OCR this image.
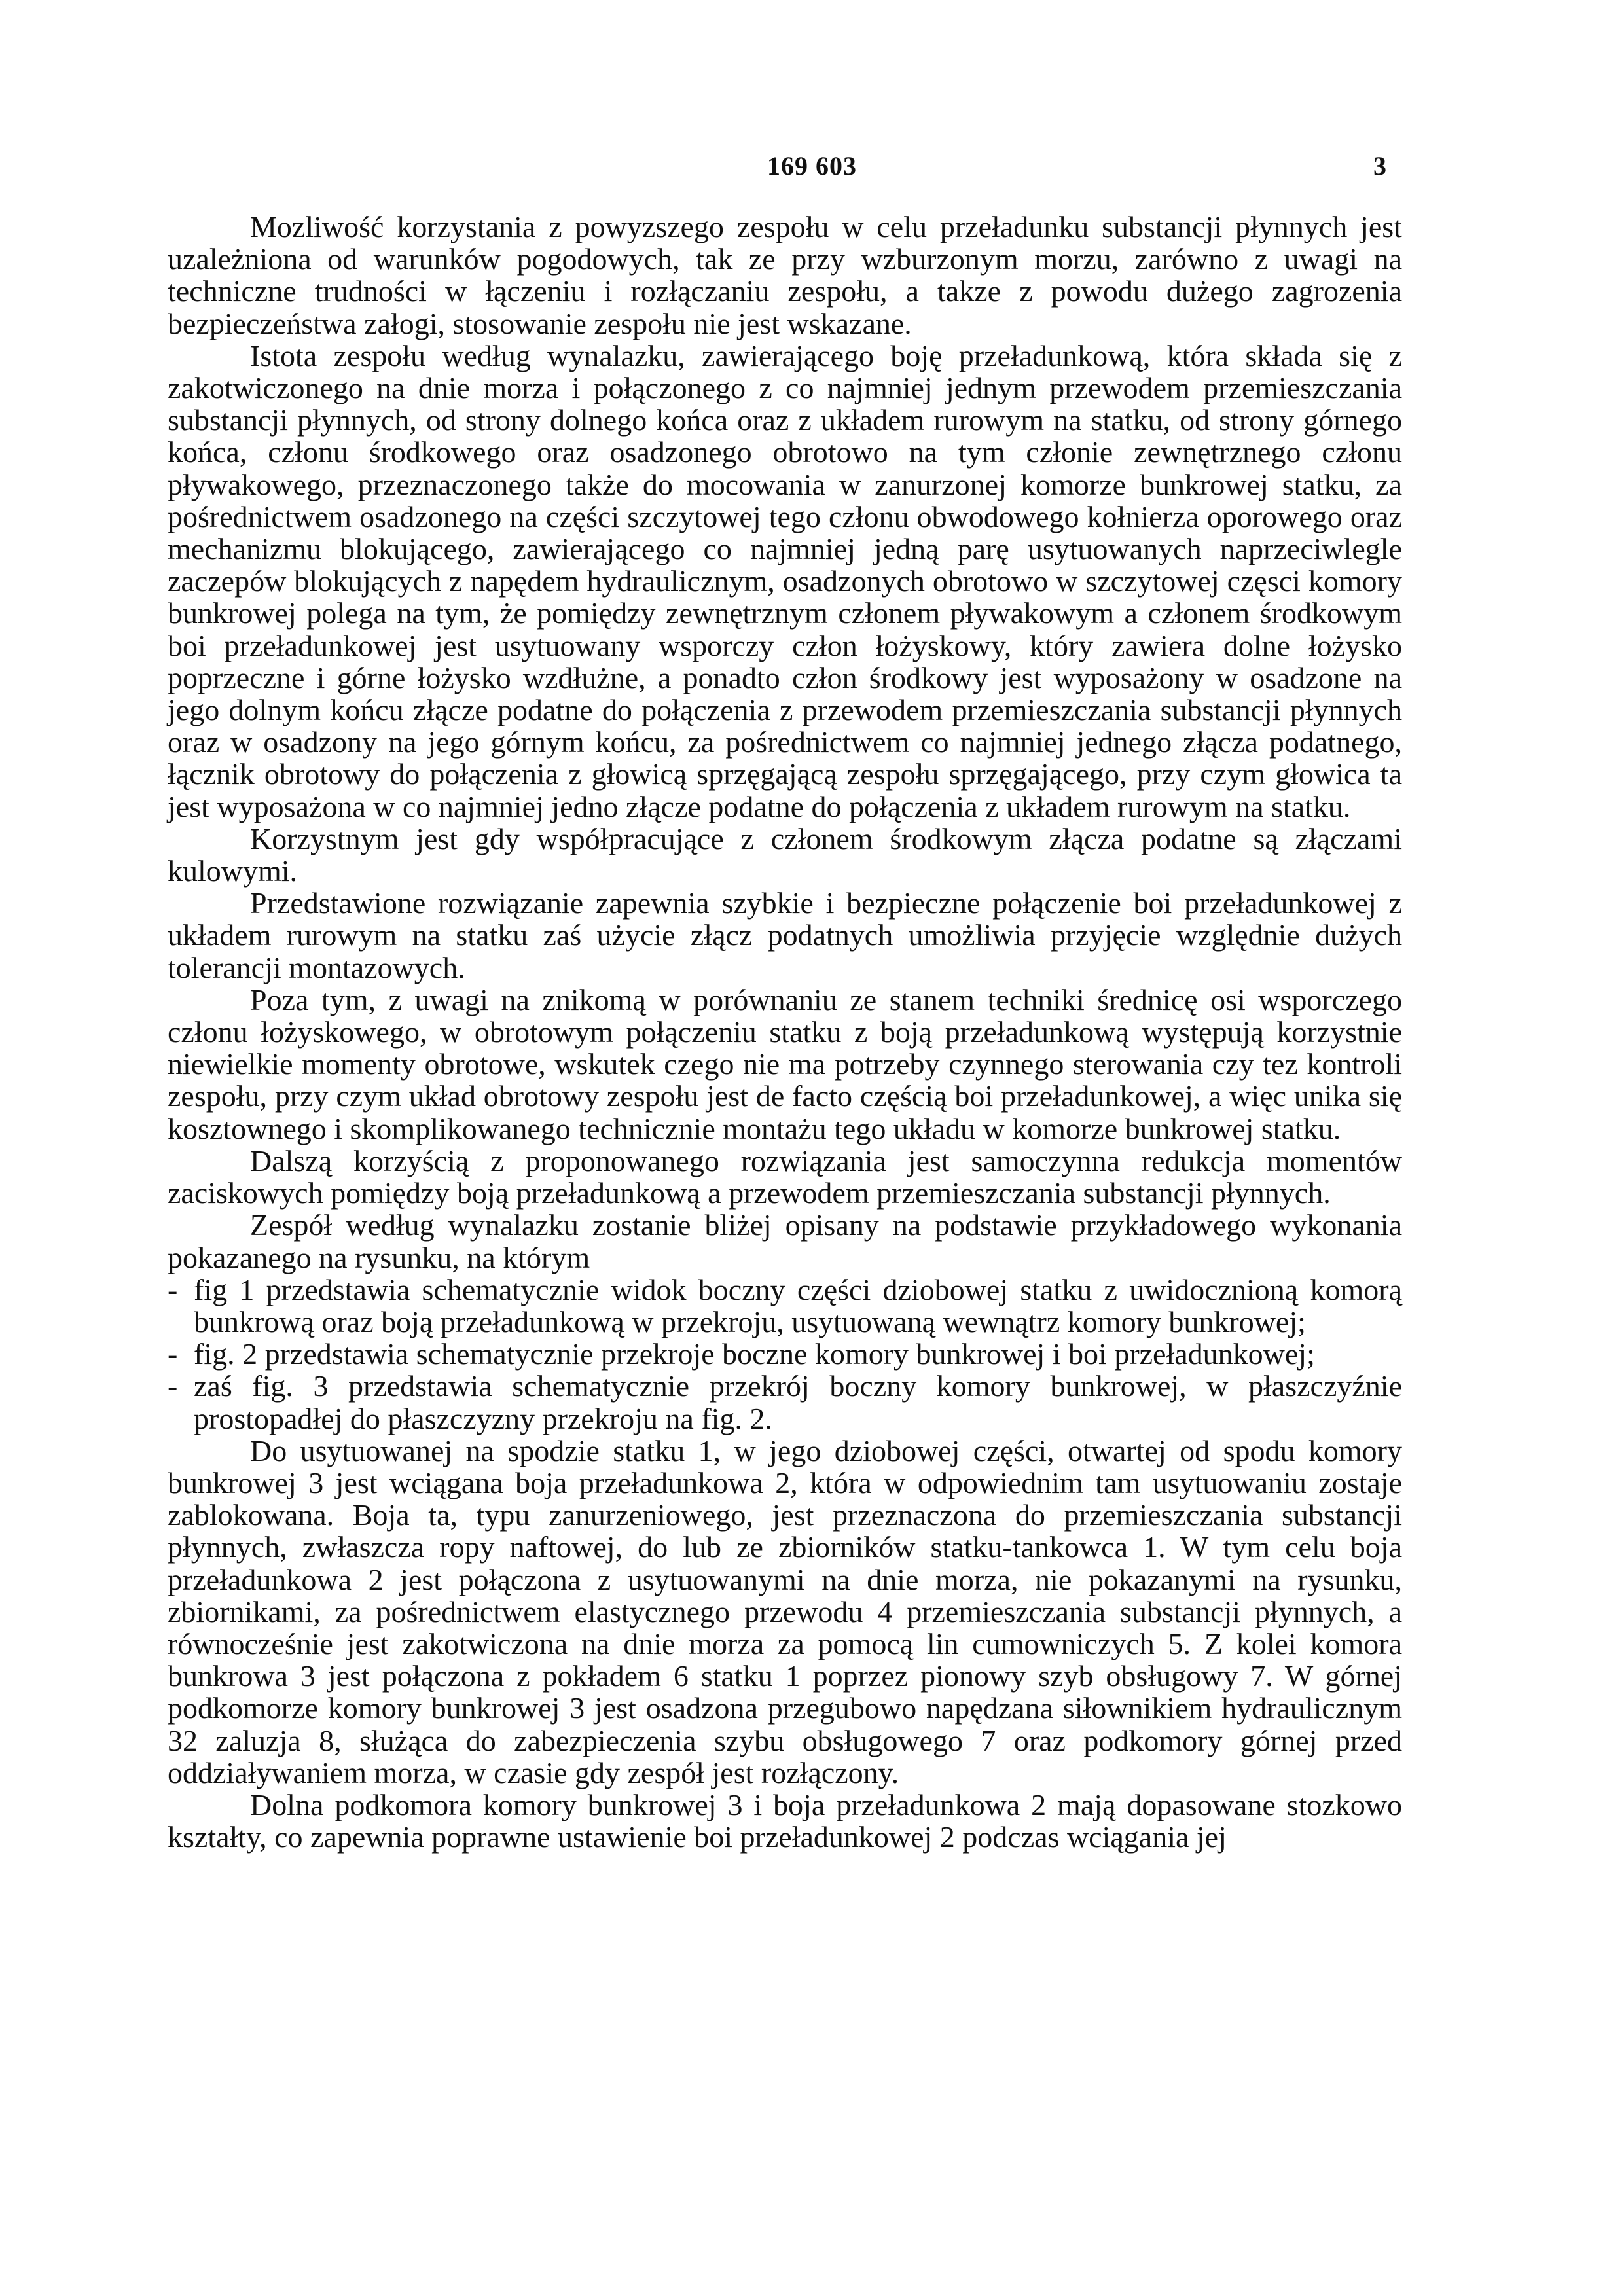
169 603	3

Mozliwość korzystania z powyzszego zespołu w celu przeładunku substancji płynnych jest uzależniona od warunków pogodowych, tak ze przy wzburzonym morzu, zarówno z uwagi na techniczne trudności w łączeniu i rozłączaniu zespołu, a takze z powodu dużego zagrozenia bezpieczeństwa załogi, stosowanie zespołu nie jest wskazane.

Istota zespołu według wynalazku, zawierającego boję przeładunkową, która składa się z zakotwiczonego na dnie morza i połączonego z co najmniej jednym przewodem przemieszczania substancji płynnych, od strony dolnego końca oraz z układem rurowym na statku, od strony górnego końca, członu środkowego oraz osadzonego obrotowo na tym członie zewnętrznego członu pływakowego, przeznaczonego także do mocowania w zanurzonej komorze bunkrowej statku, za pośrednictwem osadzonego na części szczytowej tego członu obwodowego kołnierza oporowego oraz mechanizmu blokującego, zawierającego co najmniej jedną parę usytuowanych naprzeciwlegle zaczepów blokujących z napędem hydraulicznym, osadzonych obrotowo w szczytowej częsci komory bunkrowej polega na tym, że pomiędzy zewnętrznym członem pływakowym a członem środkowym boi przeładunkowej jest usytuowany wsporczy człon łożyskowy, który zawiera dolne łożysko poprzeczne i górne łożysko wzdłużne, a ponadto człon środkowy jest wyposażony w osadzone na jego dolnym końcu złącze podatne do połączenia z przewodem przemieszczania substancji płynnych oraz w osadzony na jego górnym końcu, za pośrednictwem co najmniej jednego złącza podatnego, łącznik obrotowy do połączenia z głowicą sprzęgającą zespołu sprzęgającego, przy czym głowica ta jest wyposażona w co najmniej jedno złącze podatne do połączenia z układem rurowym na statku.

Korzystnym jest gdy współpracujące z członem środkowym złącza podatne są złączami kulowymi.

Przedstawione rozwiązanie zapewnia szybkie i bezpieczne połączenie boi przeładunkowej z układem rurowym na statku zaś użycie złącz podatnych umożliwia przyjęcie względnie dużych tolerancji montazowych.

Poza tym, z uwagi na znikomą w porównaniu ze stanem techniki średnicę osi wsporczego członu łożyskowego, w obrotowym połączeniu statku z boją przeładunkową występują korzystnie niewielkie momenty obrotowe, wskutek czego nie ma potrzeby czynnego sterowania czy tez kontroli zespołu, przy czym układ obrotowy zespołu jest de facto częścią boi przeładunkowej, a więc unika się kosztownego i skomplikowanego technicznie montażu tego układu w komorze bunkrowej statku.

Dalszą korzyścią z proponowanego rozwiązania jest samoczynna redukcja momentów zaciskowych pomiędzy boją przeładunkową a przewodem przemieszczania substancji płynnych.

Zespół według wynalazku zostanie bliżej opisany na podstawie przykładowego wykonania pokazanego na rysunku, na którym

- fig 1 przedstawia schematycznie widok boczny części dziobowej statku z uwidocznioną komorą bunkrową oraz boją przeładunkową w przekroju, usytuowaną wewnątrz komory bunkrowej;
- fig. 2 przedstawia schematycznie przekroje boczne komory bunkrowej i boi przeładunkowej;
- zaś fig. 3 przedstawia schematycznie przekrój boczny komory bunkrowej, w płaszczyźnie prostopadłej do płaszczyzny przekroju na fig. 2.

Do usytuowanej na spodzie statku 1, w jego dziobowej części, otwartej od spodu komory bunkrowej 3 jest wciągana boja przeładunkowa 2, która w odpowiednim tam usytuowaniu zostaje zablokowana. Boja ta, typu zanurzeniowego, jest przeznaczona do przemieszczania substancji płynnych, zwłaszcza ropy naftowej, do lub ze zbiorników statku-tankowca 1. W tym celu boja przeładunkowa 2 jest połączona z usytuowanymi na dnie morza, nie pokazanymi na rysunku, zbiornikami, za pośrednictwem elastycznego przewodu 4 przemieszczania substancji płynnych, a równocześnie jest zakotwiczona na dnie morza za pomocą lin cumowniczych 5. Z kolei komora bunkrowa 3 jest połączona z pokładem 6 statku 1 poprzez pionowy szyb obsługowy 7. W górnej podkomorze komory bunkrowej 3 jest osadzona przegubowo napędzana siłownikiem hydraulicznym 32 zaluzja 8, służąca do zabezpieczenia szybu obsługowego 7 oraz podkomory górnej przed oddziaływaniem morza, w czasie gdy zespół jest rozłączony.

Dolna podkomora komory bunkrowej 3 i boja przeładunkowa 2 mają dopasowane stozkowo kształty, co zapewnia poprawne ustawienie boi przeładunkowej 2 podczas wciągania jej
